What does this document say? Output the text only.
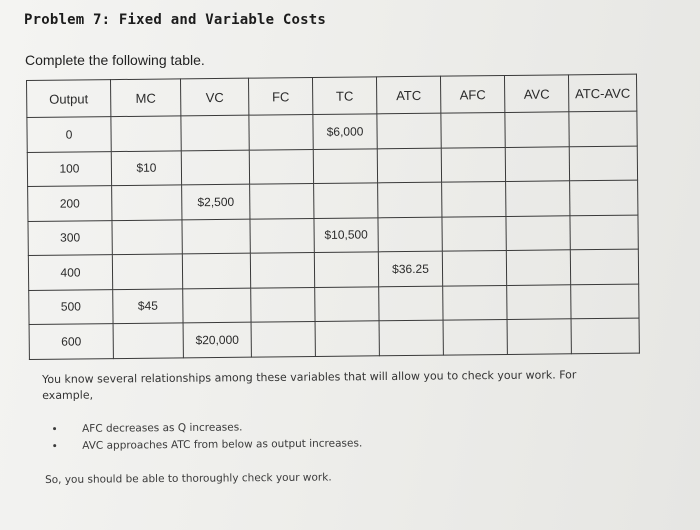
Problem 7: Fixed and Variable Costs
Complete the following table.
Output	MC	VC	FC	TC	ATC	AFC	AVC	ATC-AVC
0				$6,000				
100	$10							
200		$2,500						
300				$10,500				
400					$36.25			
500	$45							
600		$20,000						
You know several relationships among these variables that will allow you to check your work. For example,
• AFC decreases as Q increases.
• AVC approaches ATC from below as output increases.
So, you should be able to thoroughly check your work.
